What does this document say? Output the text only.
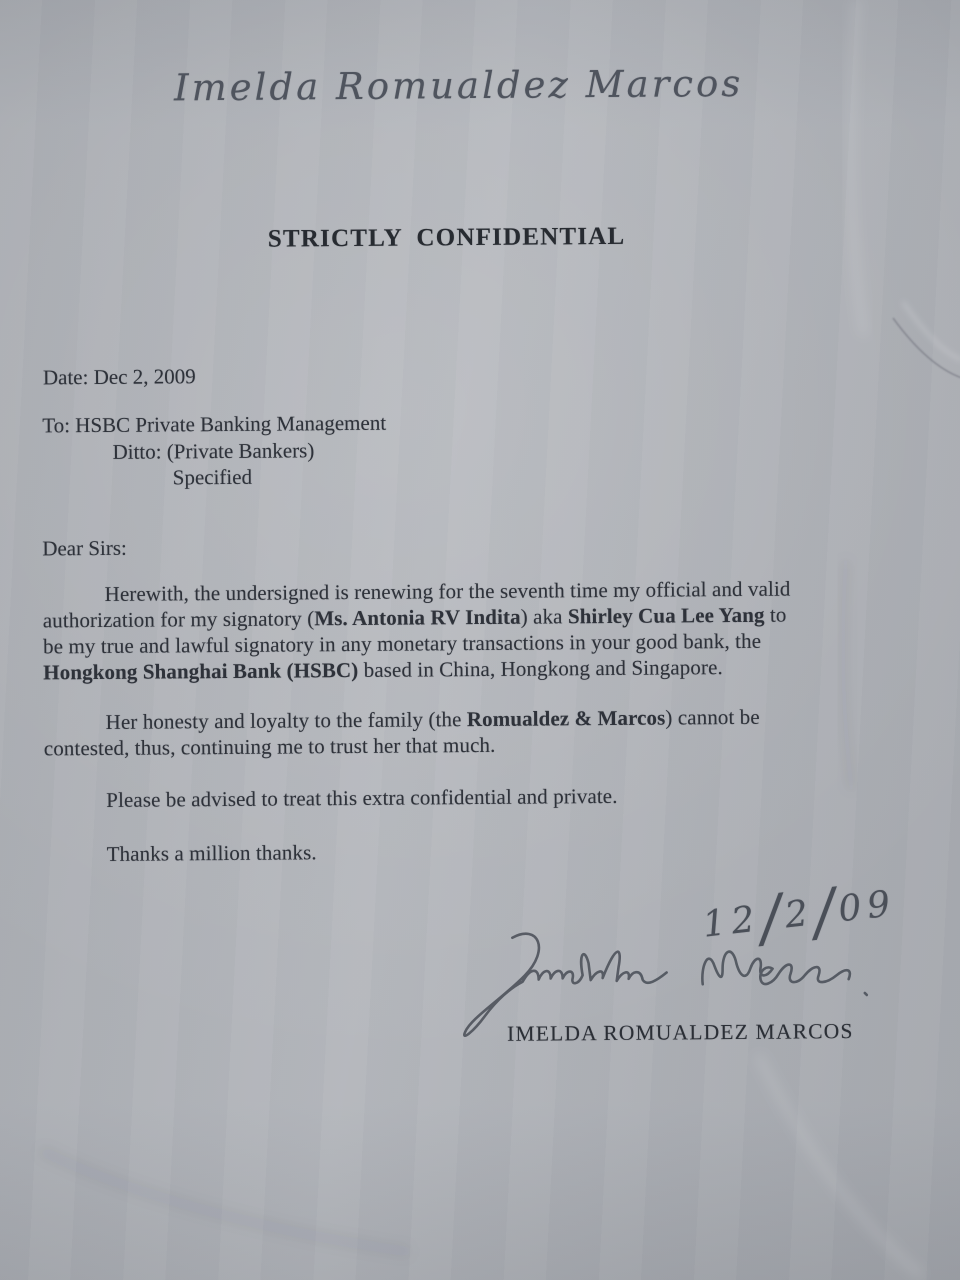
Imelda Romualdez Marcos
STRICTLY CONFIDENTIAL
Date: Dec 2, 2009
To: HSBC Private Banking Management
Ditto: (Private Bankers)
Specified
Dear Sirs:
Herewith, the undersigned is renewing for the seventh time my official and valid
authorization for my signatory (Ms. Antonia RV Indita) aka Shirley Cua Lee Yang to
be my true and lawful signatory in any monetary transactions in your good bank, the
Hongkong Shanghai Bank (HSBC) based in China, Hongkong and Singapore.
Her honesty and loyalty to the family (the Romualdez & Marcos) cannot be
contested, thus, continuing me to trust her that much.
Please be advised to treat this extra confidential and private.
Thanks a million thanks.
12/2/09
IMELDA ROMUALDEZ MARCOS
